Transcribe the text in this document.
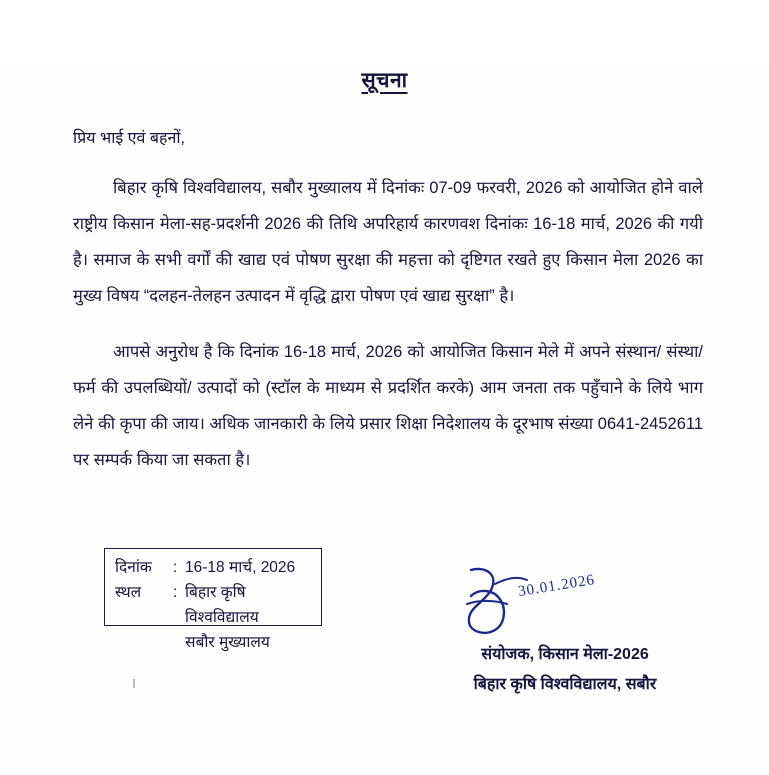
सूचना
प्रिय भाई एवं बहनों,
बिहार कृषि विश्वविद्यालय, सबौर मुख्यालय में दिनांकः 07-09 फरवरी, 2026 को आयोजित होने वाले राष्ट्रीय किसान मेला-सह-प्रदर्शनी 2026 की तिथि अपरिहार्य कारणवश दिनांकः 16-18 मार्च, 2026 की गयी है। समाज के सभी वर्गों की खाद्य एवं पोषण सुरक्षा की महत्ता को दृष्टिगत रखते हुए किसान मेला 2026 का मुख्य विषय “दलहन-तेलहन उत्पादन में वृद्धि द्वारा पोषण एवं खाद्य सुरक्षा” है।
आपसे अनुरोध है कि दिनांक 16-18 मार्च, 2026 को आयोजित किसान मेले में अपने संस्थान/ संस्था/ फर्म की उपलब्धियों/ उत्पादों को (स्टॉल के माध्यम से प्रदर्शित करके) आम जनता तक पहुँचाने के लिये भाग लेने की कृपा की जाय। अधिक जानकारी के लिये प्रसार शिक्षा निदेशालय के दूरभाष संख्या 0641-2452611 पर सम्पर्क किया जा सकता है।
दिनांक	: 16-18 मार्च, 2026
स्थल	: बिहार कृषि विश्वविद्यालय
सबौर मुख्यालय
30.01.2026
संयोजक, किसान मेला-2026
बिहार कृषि विश्वविद्यालय, सबौर
